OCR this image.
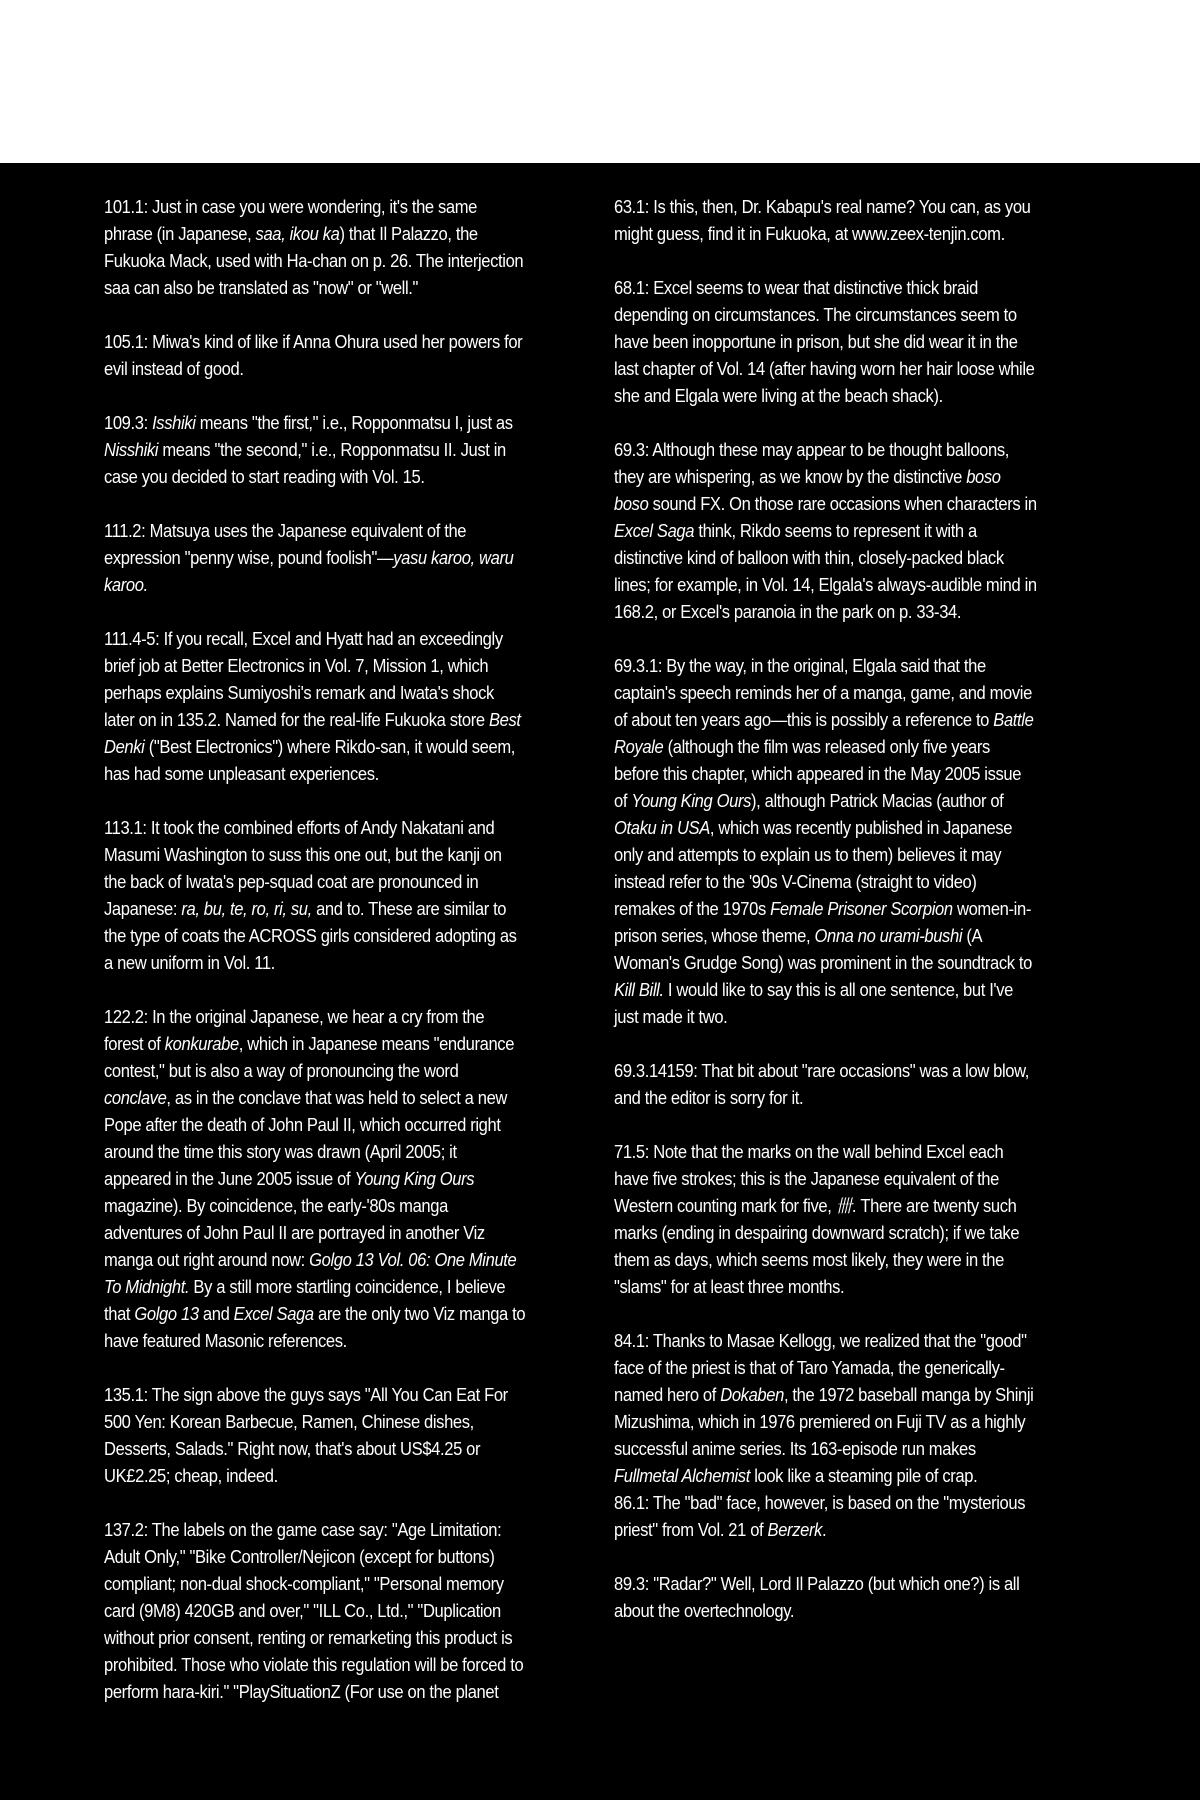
101.1: Just in case you were wondering, it's the same phrase (in Japanese, saa, ikou ka) that Il Palazzo, the Fukuoka Mack, used with Ha-chan on p. 26. The interjection saa can also be translated as "now" or "well."

105.1: Miwa's kind of like if Anna Ohura used her powers for evil instead of good.

109.3: Isshiki means "the first," i.e., Ropponmatsu I, just as Nisshiki means "the second," i.e., Ropponmatsu II. Just in case you decided to start reading with Vol. 15.

111.2: Matsuya uses the Japanese equivalent of the expression "penny wise, pound foolish"—yasu karoo, waru karoo.

111.4-5: If you recall, Excel and Hyatt had an exceedingly brief job at Better Electronics in Vol. 7, Mission 1, which perhaps explains Sumiyoshi's remark and Iwata's shock later on in 135.2. Named for the real-life Fukuoka store Best Denki ("Best Electronics") where Rikdo-san, it would seem, has had some unpleasant experiences.

113.1: It took the combined efforts of Andy Nakatani and Masumi Washington to suss this one out, but the kanji on the back of Iwata's pep-squad coat are pronounced in Japanese: ra, bu, te, ro, ri, su, and to. These are similar to the type of coats the ACROSS girls considered adopting as a new uniform in Vol. 11.

122.2: In the original Japanese, we hear a cry from the forest of konkurabe, which in Japanese means "endurance contest," but is also a way of pronouncing the word conclave, as in the conclave that was held to select a new Pope after the death of John Paul II, which occurred right around the time this story was drawn (April 2005; it appeared in the June 2005 issue of Young King Ours magazine). By coincidence, the early-'80s manga adventures of John Paul II are portrayed in another Viz manga out right around now: Golgo 13 Vol. 06: One Minute To Midnight. By a still more startling coincidence, I believe that Golgo 13 and Excel Saga are the only two Viz manga to have featured Masonic references.

135.1: The sign above the guys says "All You Can Eat For 500 Yen: Korean Barbecue, Ramen, Chinese dishes, Desserts, Salads." Right now, that's about US$4.25 or UK£2.25; cheap, indeed.

137.2: The labels on the game case say: "Age Limitation: Adult Only," "Bike Controller/Nejicon (except for buttons) compliant; non-dual shock-compliant," "Personal memory card (9M8) 420GB and over," "ILL Co., Ltd.," "Duplication without prior consent, renting or remarketing this product is prohibited. Those who violate this regulation will be forced to perform hara-kiri." "PlaySituationZ (For use on the planet

63.1: Is this, then, Dr. Kabapu's real name? You can, as you might guess, find it in Fukuoka, at www.zeex-tenjin.com.

68.1: Excel seems to wear that distinctive thick braid depending on circumstances. The circumstances seem to have been inopportune in prison, but she did wear it in the last chapter of Vol. 14 (after having worn her hair loose while she and Elgala were living at the beach shack).

69.3: Although these may appear to be thought balloons, they are whispering, as we know by the distinctive boso boso sound FX. On those rare occasions when characters in Excel Saga think, Rikdo seems to represent it with a distinctive kind of balloon with thin, closely-packed black lines; for example, in Vol. 14, Elgala's always-audible mind in 168.2, or Excel's paranoia in the park on p. 33-34.

69.3.1: By the way, in the original, Elgala said that the captain's speech reminds her of a manga, game, and movie of about ten years ago—this is possibly a reference to Battle Royale (although the film was released only five years before this chapter, which appeared in the May 2005 issue of Young King Ours), although Patrick Macias (author of Otaku in USA, which was recently published in Japanese only and attempts to explain us to them) believes it may instead refer to the '90s V-Cinema (straight to video) remakes of the 1970s Female Prisoner Scorpion women-in-prison series, whose theme, Onna no urami-bushi (A Woman's Grudge Song) was prominent in the soundtrack to Kill Bill. I would like to say this is all one sentence, but I've just made it two.

69.3.14159: That bit about "rare occasions" was a low blow, and the editor is sorry for it.

71.5: Note that the marks on the wall behind Excel each have five strokes; this is the Japanese equivalent of the Western counting mark for five, 卌. There are twenty such marks (ending in despairing downward scratch); if we take them as days, which seems most likely, they were in the "slams" for at least three months.

84.1: Thanks to Masae Kellogg, we realized that the "good" face of the priest is that of Taro Yamada, the generically-named hero of Dokaben, the 1972 baseball manga by Shinji Mizushima, which in 1976 premiered on Fuji TV as a highly successful anime series. Its 163-episode run makes Fullmetal Alchemist look like a steaming pile of crap.

86.1: The "bad" face, however, is based on the "mysterious priest" from Vol. 21 of Berzerk.

89.3: "Radar?" Well, Lord Il Palazzo (but which one?) is all about the overtechnology.
